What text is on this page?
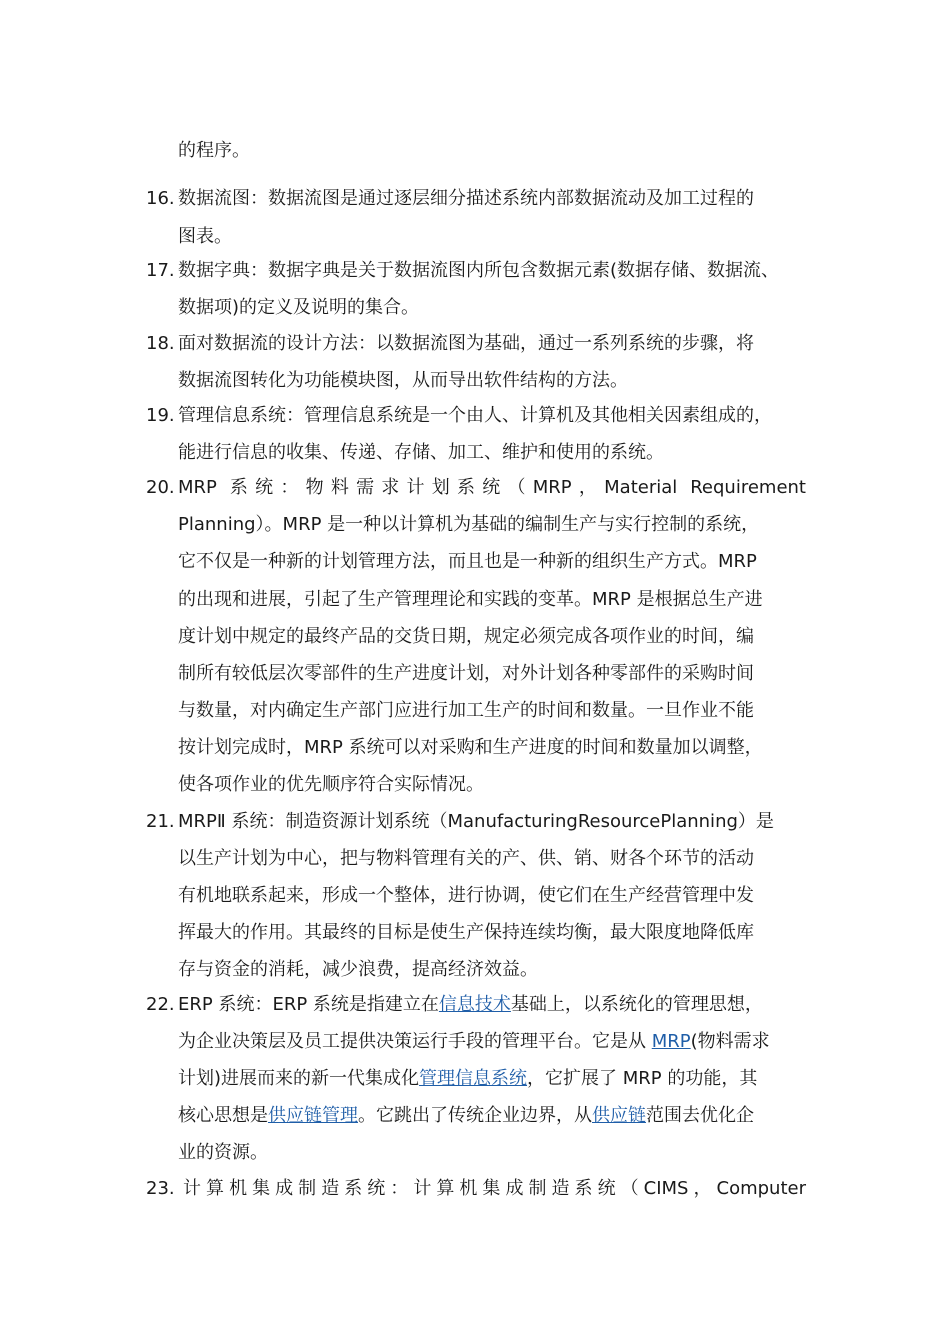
的程序。
16. 数据流图：数据流图是通过逐层细分描述系统内部数据流动及加工过程的
图表。
17. 数据字典：数据字典是关于数据流图内所包含数据元素(数据存储、数据流、
数据项)的定义及说明的集合。
18. 面对数据流的设计方法：以数据流图为基础，通过一系列系统的步骤，将
数据流图转化为功能模块图，从而导出软件结构的方法。
19. 管理信息系统：管理信息系统是一个由人、计算机及其他相关因素组成的，
能进行信息的收集、传递、存储、加工、维护和使用的系统。
20. MRP 系统：物料需求计划系统（MRP，Material Requirement
Planning）。MRP 是一种以计算机为基础的编制生产与实行控制的系统，
它不仅是一种新的计划管理方法，而且也是一种新的组织生产方式。MRP
的出现和进展，引起了生产管理理论和实践的变革。MRP 是根据总生产进
度计划中规定的最终产品的交货日期，规定必须完成各项作业的时间，编
制所有较低层次零部件的生产进度计划，对外计划各种零部件的采购时间
与数量，对内确定生产部门应进行加工生产的时间和数量。一旦作业不能
按计划完成时，MRP 系统可以对采购和生产进度的时间和数量加以调整，
使各项作业的优先顺序符合实际情况。
21. MRPⅡ 系统：制造资源计划系统（ManufacturingResourcePlanning）是
以生产计划为中心，把与物料管理有关的产、供、销、财各个环节的活动
有机地联系起来，形成一个整体，进行协调，使它们在生产经营管理中发
挥最大的作用。其最终的目标是使生产保持连续均衡，最大限度地降低库
存与资金的消耗，减少浪费，提高经济效益。
22. ERP 系统：ERP 系统是指建立在信息技术基础上，以系统化的管理思想，
为企业决策层及员工提供决策运行手段的管理平台。它是从 MRP(物料需求
计划)进展而来的新一代集成化管理信息系统，它扩展了 MRP 的功能，其
核心思想是供应链管理。它跳出了传统企业边界，从供应链范围去优化企
业的资源。
23. 计算机集成制造系统：计算机集成制造系统（CIMS，Computer
